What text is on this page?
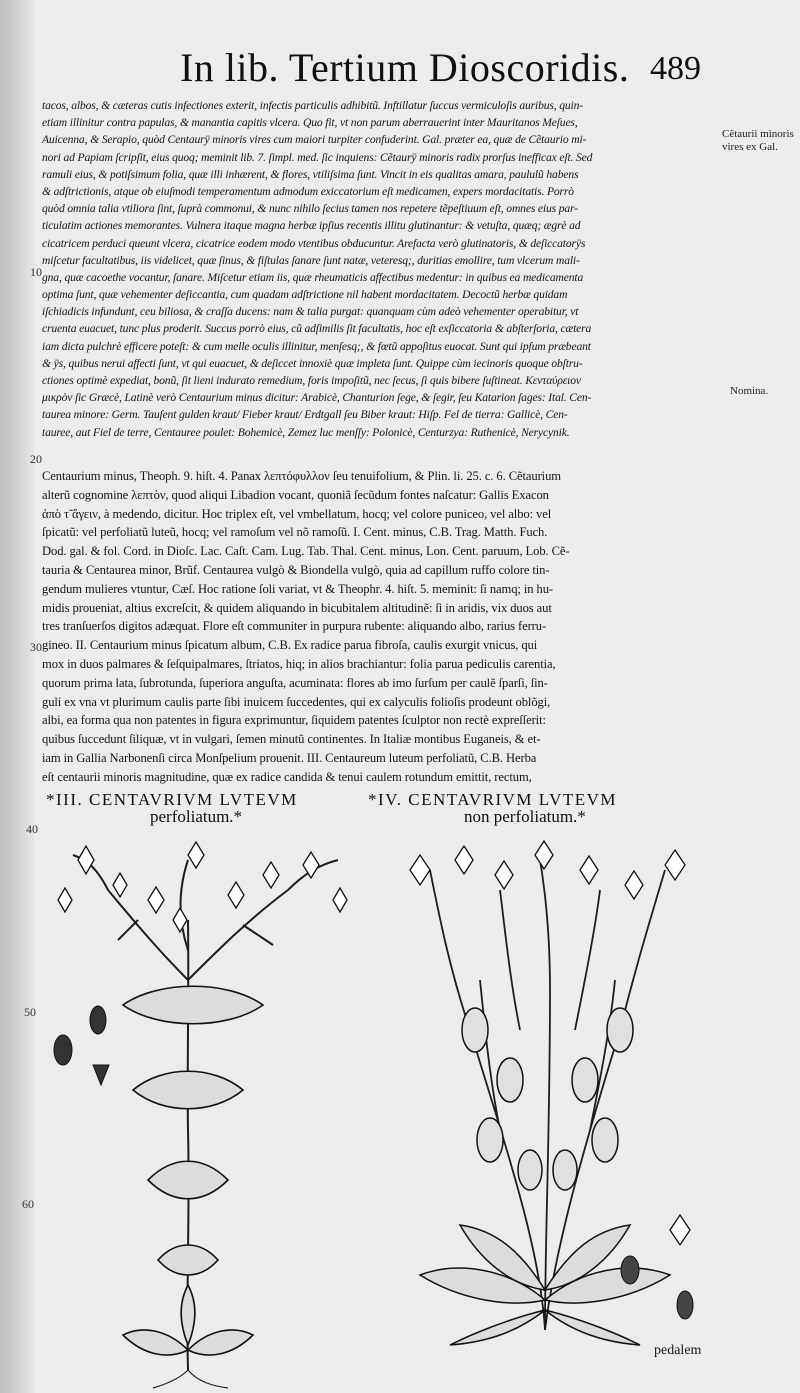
In lib. Tertium Dioscoridis. 489
tacos, albos, & cæteras cutis infectiones exterit, infectis particulis adhibitũ. Inftillatur ſuccus vermiculoſis auribus, quin-
etiam illinitur contra papulas, & manantia capitis vlcera. Quo fit, vt non parum aberrauerint inter Mauritanos Meſues,
Auicenna, & Serapio, quòd Centaurÿ minoris vires cum maiori turpiter confuderint. Gal. præter ea, quæ de Cẽtaurio mi-
nori ad Papiam ſcripſit, eius quoq; meminit lib. 7. ſimpl. med. ſic inquiens: Cẽtaurÿ minoris radix prorſus inefficax eſt. Sed
ramuli eius, & potiſsimum folia, quæ illi inhærent, & flores, vtiliſsima ſunt. Vincit in eis qualitas amara, paululũ habens
& adſtrictionis, atque ob eiuſmodi temperamentum admodum exiccatorium eſt medicamen, expers mordacitatis. Porrò
quòd omnia talia vtiliora ſint, ſuprà commonui, & nunc nihilo ſecius tamen nos repetere tẽpeſtiuum eſt, omnes eius par-
ticulatim actiones memorantes. Vulnera itaque magna herbæ ipſius recentis illitu glutinantur: & vetuſta, quæq; ægrè ad
cicatricem perduci queunt vlcera, cicatrice eodem modo vtentibus obducuntur. Arefacta verò glutinatoris, & deſiccatorÿs
miſcetur facultatibus, iis videlicet, quæ ſinus, & fiſtulas ſanare ſunt natæ, veteresq;, duritias emollire, tum vlcerum mali-
gna, quæ cacoethe vocantur, ſanare. Miſcetur etiam iis, quæ rheumaticis affectibus medentur: in quibus ea medicamenta
optima ſunt, quæ vehementer deſiccantia, cum quadam adſtrictione nil habent mordacitatem. Decoctũ herbæ quidam
iſchiadicis infundunt, ceu biliosa, & craſſa ducens: nam & talia purgat: quanquam cùm adeò vehementer operabitur, vt
cruenta euacuet, tunc plus proderit. Succus porrò eius, cũ adſimilis ſit facultatis, hoc eſt exſiccatoria & abſterſoria, cætera
iam dicta pulchrè efficere poteſt: & cum melle oculis illinitur, menſesq;, & fœtũ appoſitus euocat. Sunt qui ipſum præbeant
& ÿs, quibus nerui affecti ſunt, vt qui euacuet, & deſiccet innoxiè quæ impleta ſunt. Quippe cùm iecinoris quoque obſtru-
ctiones optimè expediat, bonũ, ſit lieni indurato remedium, foris impoſitũ, nec ſecus, ſi quis bibere ſuſtineat. Κενταύρειον
μικρὸν ſic Græcè, Latinè verò Centaurium minus dicitur: Arabicè, Chanturion ſege, & ſegir, ſeu Katarion ſages: Ital. Cen-
taurea minore: Germ. Tauſent gulden kraut/ Fieber kraut/ Erdtgall ſeu Biber kraut: Hiſp. Fel de tierra: Gallicè, Cen-
tauree, aut Fiel de terre, Centauree poulet: Bohemicè, Zemez luc menſſy: Polonicè, Centurzya: Ruthenicè, Nerycynik.
Centaurium minus, Theoph. 9. hiſt. 4. Panax λεπτόφυλλον ſeu tenuifolium, & Plin. li. 25. c. 6. Cẽtaurium
alterũ cognomine λεπτὸν, quod aliqui Libadion vocant, quoniã ſecũdum fontes naſcatur: Gallis Exacon
ἀπὸ τ̃ ἄγειν, à medendo, dicitur. Hoc triplex eſt, vel vmbellatum, hocq; vel colore puniceo, vel albo: vel
ſpicatũ: vel perfoliatũ luteũ, hocq; vel ramoſum vel nõ ramoſũ. I. Cent. minus, C.B. Trag. Matth. Fuch.
Dod. gal. & fol. Cord. in Dioſc. Lac. Caſt. Cam. Lug. Tab. Thal. Cent. minus, Lon. Cent. paruum, Lob. Cẽ-
tauria & Centaurea minor, Brũf. Centaurea vulgò & Biondella vulgò, quia ad capillum ruffo colore tin-
gendum mulieres vtuntur, Cæſ. Hoc ratione ſoli variat, vt & Theophr. 4. hiſt. 5. meminit: ſi namq; in hu-
midis proueniat, altius excreſcit, & quidem aliquando in bicubitalem altitudinẽ: ſi in aridis, vix duos aut
tres tranſuerſos digitos adæquat. Flore eſt communiter in purpura rubente: aliquando albo, rarius ferru-
gineo. II. Centaurium minus ſpicatum album, C.B. Ex radice parua fibroſa, caulis exurgit vnicus, qui
mox in duos palmares & ſeſquipalmares, ſtriatos, hiq; in alios brachiantur: folia parua pediculis carentia,
quorum prima lata, ſubrotunda, ſuperiora anguſta, acuminata: flores ab imo ſurſum per caulẽ ſparſi, ſin-
guli ex vna vt plurimum caulis parte ſibi inuicem ſuccedentes, qui ex calyculis folioſis prodeunt oblõgi,
albi, ea forma qua non patentes in figura exprimuntur, ſiquidem patentes ſculptor non rectè expreſſerit:
quibus ſuccedunt ſiliquæ, vt in vulgari, ſemen minutũ continentes. In Italiæ montibus Euganeis, & et-
iam in Gallia Narbonenſi circa Monſpelium prouenit. III. Centaureum luteum perfoliatũ, C.B. Herba
eſt centaurii minoris magnitudine, quæ ex radice candida & tenui caulem rotundum emittit, rectum,
Cẽtaurii minoris vires ex Gal.
Nomina.
10
20
30
40
50
60
*III. CENTAVRIVM LVTEVM
perfoliatum.*
*IV. CENTAVRIVM LVTEVM
non perfoliatum.*
pedalem
